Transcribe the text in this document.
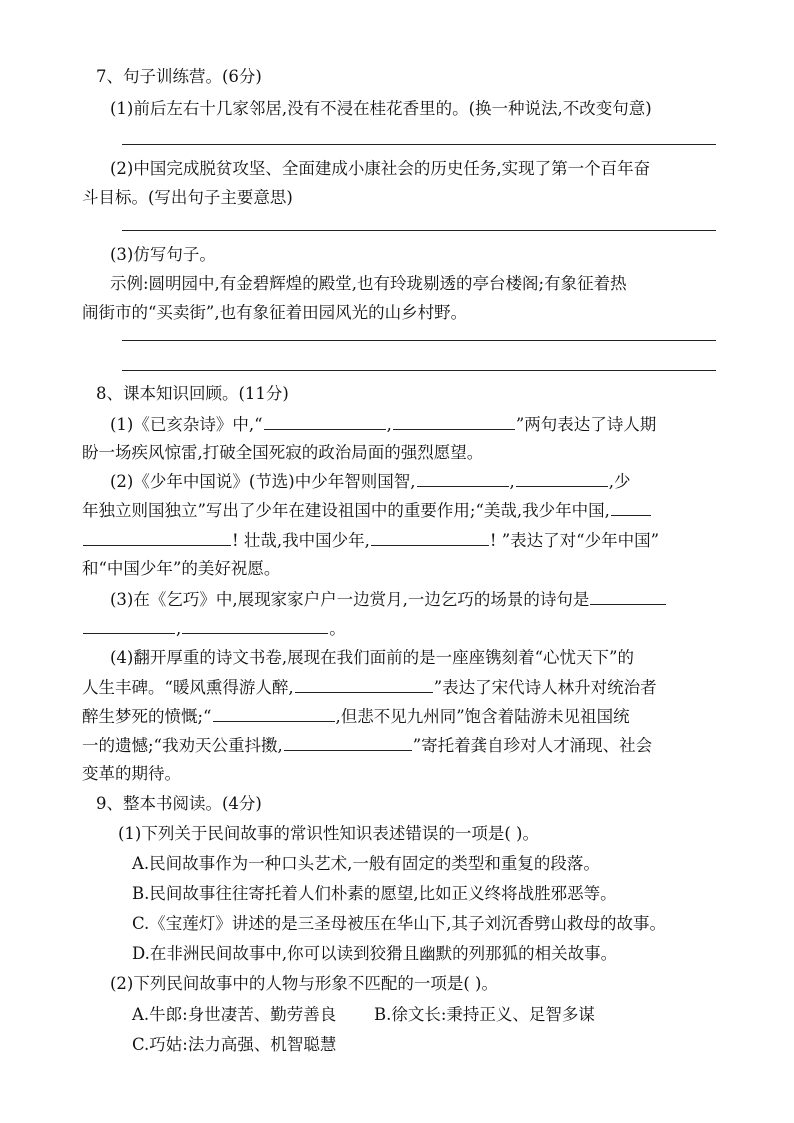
7、句子训练营。(6分)
(1)前后左右十几家邻居,没有不浸在桂花香里的。(换一种说法,不改变句意)
(2)中国完成脱贫攻坚、全面建成小康社会的历史任务,实现了第一个百年奋
斗目标。(写出句子主要意思)
(3)仿写句子。
示例:圆明园中,有金碧辉煌的殿堂,也有玲珑剔透的亭台楼阁;有象征着热
闹街市的“买卖街”,也有象征着田园风光的山乡村野。
8、课本知识回顾。(11分)
(1)《已亥杂诗》中,“	,	”两句表达了诗人期
盼一场疾风惊雷,打破全国死寂的政治局面的强烈愿望。
(2)《少年中国说》(节选)中少年智则国智,	,	,少
年独立则国独立”写出了少年在建设祖国中的重要作用;“美哉,我少年中国,
! 壮哉,我中国少年,	! ”表达了对“少年中国”
和“中国少年”的美好祝愿。
(3)在《乞巧》中,展现家家户户一边赏月,一边乞巧的场景的诗句是
,	。
(4)翻开厚重的诗文书卷,展现在我们面前的是一座座镌刻着“心忧天下”的
人生丰碑。“暖风熏得游人醉,	”表达了宋代诗人林升对统治者
醉生梦死的愤慨;“	,但悲不见九州同”饱含着陆游未见祖国统
一的遗憾;“我劝天公重抖擞,	”寄托着龚自珍对人才涌现、社会
变革的期待。
9、整本书阅读。(4分)
(1)下列关于民间故事的常识性知识表述错误的一项是( )。
A.民间故事作为一种口头艺术,一般有固定的类型和重复的段落。
B.民间故事往往寄托着人们朴素的愿望,比如正义终将战胜邪恶等。
C.《宝莲灯》讲述的是三圣母被压在华山下,其子刘沉香劈山救母的故事。
D.在非洲民间故事中,你可以读到狡猾且幽默的列那狐的相关故事。
(2)下列民间故事中的人物与形象不匹配的一项是( )。
A.牛郎:身世凄苦、勤劳善良 B.徐文长:秉持正义、足智多谋
C.巧姑:法力高强、机智聪慧
